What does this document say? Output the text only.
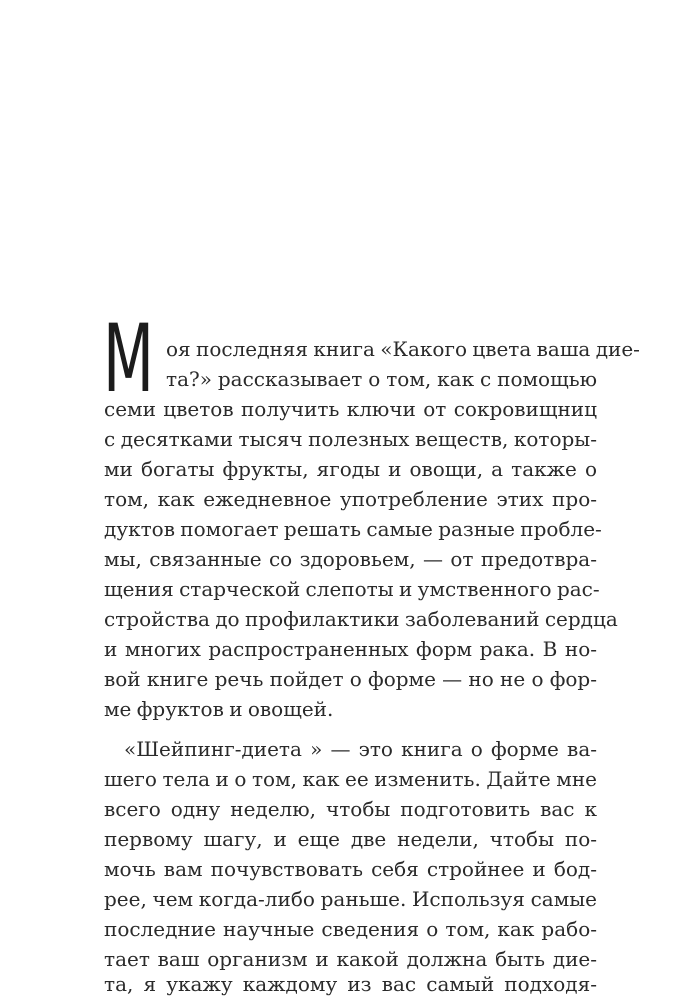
М оя последняя книга «Какого цвета ваша дие-
та?» рассказывает о том, как с помощью
семи цветов получить ключи от сокровищниц
с десятками тысяч полезных веществ, которы-
ми богаты фрукты, ягоды и овощи, а также о
том, как ежедневное употребление этих про-
дуктов помогает решать самые разные пробле-
мы, связанные со здоровьем, — от предотвра-
щения старческой слепоты и умственного рас-
стройства до профилактики заболеваний сердца
и многих распространенных форм рака. В но-
вой книге речь пойдет о форме — но не о фор-
ме фруктов и овощей.
«Шейпинг-диета » — это книга о форме ва-
шего тела и о том, как ее изменить. Дайте мне
всего одну неделю, чтобы подготовить вас к
первому шагу, и еще две недели, чтобы по-
мочь вам почувствовать себя стройнее и бод-
рее, чем когда-либо раньше. Используя самые
последние научные сведения о том, как рабо-
тает ваш организм и какой должна быть дие-
та, я укажу каждому из вас самый подходя-
